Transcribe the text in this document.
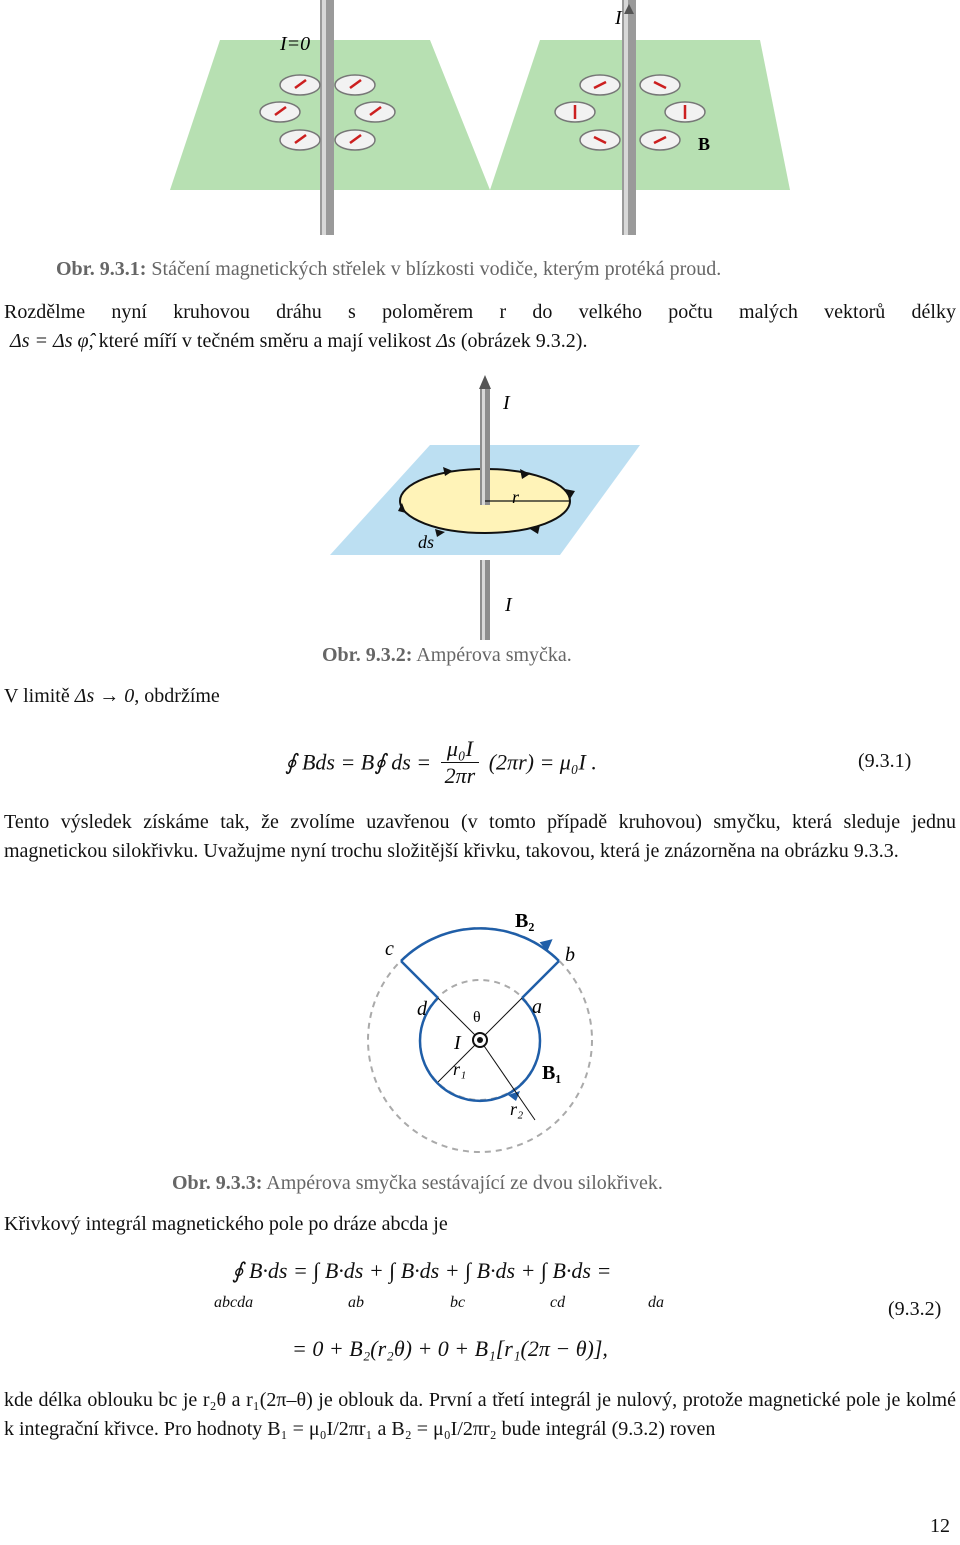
I=0
I
B
Obr. 9.3.1: Stáčení magnetických střelek v blízkosti vodiče, kterým protéká proud.
Rozdělme nyní kruhovou dráhu s poloměrem r do velkého počtu malých vektorů délky
Δs = Δs φ̂, které míří v tečném směru a mají velikost Δs (obrázek 9.3.2).
I
r
ds
I
Obr. 9.3.2: Ampérova smyčka.
V limitě Δs → 0, obdržíme
∮ Bds = B∮ ds = $\frac{\text{μ₀I}}{2\pi r} (2\pi r) = \mu_0I$ .	(9.3.1)
Tento výsledek získáme tak, že zvolíme uzavřenou (v tomto případě kruhovou) smyčku, která sleduje jednu magnetickou silokřivku. Uvažujme nyní trochu složitější křivku, takovou, která je znázorněna na obrázku 9.3.3.
B₂
c	b
d	θ	a
I
r₁	B₁
r₂
Obr. 9.3.3: Ampérova smyčka sestávající ze dvou silokřivek.
Křivkový integrál magnetického pole po dráze abcda je
∮ B·ds = ∫ B·ds + ∫ B·ds + ∫ B·ds + ∫ B·ds =
abcda	ab	bc	cd	da	(9.3.2)
= 0 + B₂(r₂θ) + 0 + B₁[r₁(2π − θ)],
kde délka oblouku bc je r₂θ a r₁(2π–θ) je oblouk da. První a třetí integrál je nulový, protože magnetické pole je kolmé k integrační křivce. Pro hodnoty B₁ = μ₀I/2πr₁ a B₂ = μ₀I/2πr₂ bude integrál (9.3.2) roven
12
